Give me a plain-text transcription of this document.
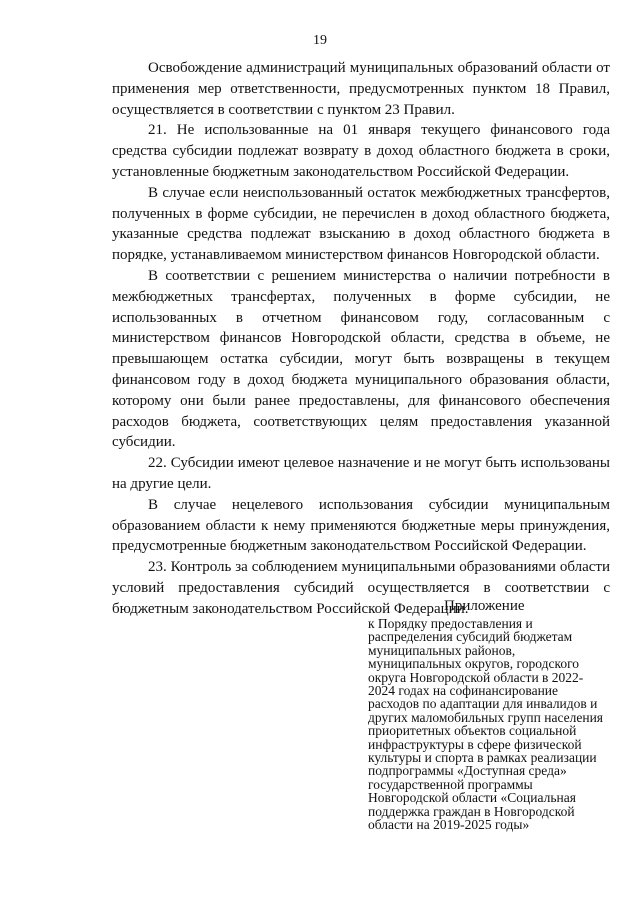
19

Освобождение администраций муниципальных образований области от применения мер ответственности, предусмотренных пунктом 18 Правил, осуществляется в соответствии с пунктом 23 Правил.

21. Не использованные на 01 января текущего финансового года средства субсидии подлежат возврату в доход областного бюджета в сроки, установленные бюджетным законодательством Российской Федерации.

В случае если неиспользованный остаток межбюджетных трансфертов, полученных в форме субсидии, не перечислен в доход областного бюджета, указанные средства подлежат взысканию в доход областного бюджета в порядке, устанавливаемом министерством финансов Новгородской области.

В соответствии с решением министерства о наличии потребности в межбюджетных трансфертах, полученных в форме субсидии, не использованных в отчетном финансовом году, согласованным с министерством финансов Новгородской области, средства в объеме, не превышающем остатка субсидии, могут быть возвращены в текущем финансовом году в доход бюджета муниципального образования области, которому они были ранее предоставлены, для финансового обеспечения расходов бюджета, соответствующих целям предоставления указанной субсидии.

22. Субсидии имеют целевое назначение и не могут быть использованы на другие цели.

В случае нецелевого использования субсидии муниципальным образованием области к нему применяются бюджетные меры принуждения, предусмотренные бюджетным законодательством Российской Федерации.

23. Контроль за соблюдением муниципальными образованиями области условий предоставления субсидий осуществляется в соответствии с бюджетным законодательством Российской Федерации.

Приложение

к Порядку предоставления и распределения субсидий бюджетам муниципальных районов, муниципальных округов, городского округа Новгородской области в 2022-2024 годах на софинансирование расходов по адаптации для инвалидов и других маломобильных групп населения приоритетных объектов социальной инфраструктуры в сфере физической культуры и спорта в рамках реализации подпрограммы «Доступная среда» государственной программы Новгородской области «Социальная поддержка граждан в Новгородской области на 2019-2025 годы»
